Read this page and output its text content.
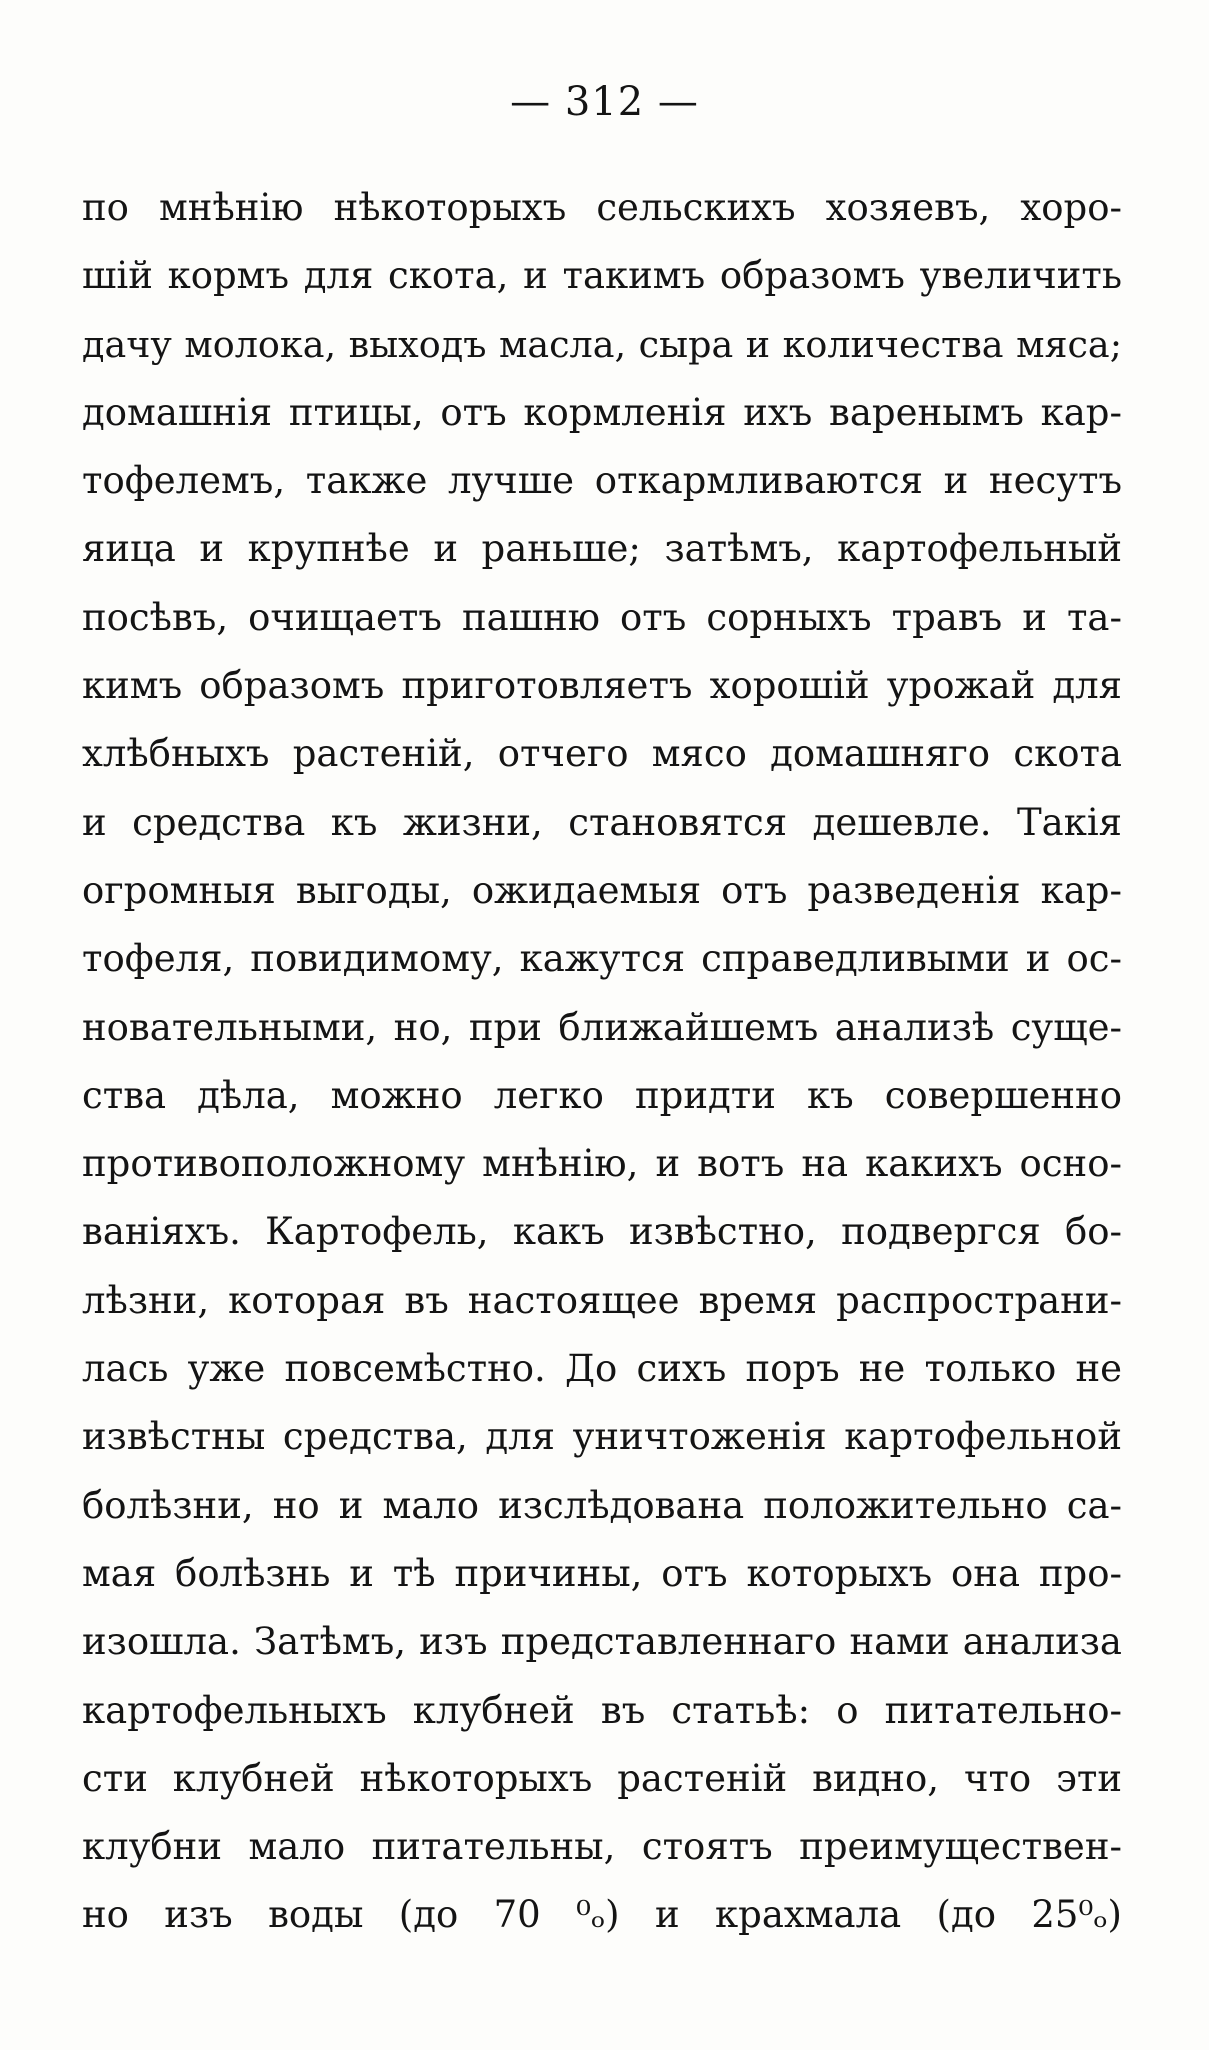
— 312 —
по мнѣнію нѣкоторыхъ сельскихъ хозяевъ, хоро-
шій кормъ для скота, и такимъ образомъ увеличить
дачу молока, выходъ масла, сыра и количества мяса;
домашнія птицы, отъ кормленія ихъ варенымъ кар-
тофелемъ, также лучше откармливаются и несутъ
яица и крупнѣе и раньше; затѣмъ, картофельный
посѣвъ, очищаетъ пашню отъ сорныхъ травъ и та-
кимъ образомъ приготовляетъ хорошій урожай для
хлѣбныхъ растеній, отчего мясо домашняго скота
и средства къ жизни, становятся дешевле. Такія
огромныя выгоды, ожидаемыя отъ разведенія кар-
тофеля, повидимому, кажутся справедливыми и ос-
новательными, но, при ближайшемъ анализѣ суще-
ства дѣла, можно легко придти къ совершенно
противоположному мнѣнію, и вотъ на какихъ осно-
ваніяхъ. Картофель, какъ извѣстно, подвергся бо-
лѣзни, которая въ настоящее время распространи-
лась уже повсемѣстно. До сихъ поръ не только не
извѣстны средства, для уничтоженія картофельной
болѣзни, но и мало изслѣдована положительно са-
мая болѣзнь и тѣ причины, отъ которыхъ она про-
изошла. Затѣмъ, изъ представленнаго нами анализа
картофельныхъ клубней въ статьѣ: о питательно-
сти клубней нѣкоторыхъ растеній видно, что эти
клубни мало питательны, стоятъ преимуществен-
но изъ воды (до 70 ⁰ₒ) и крахмала (до 25⁰ₒ)
